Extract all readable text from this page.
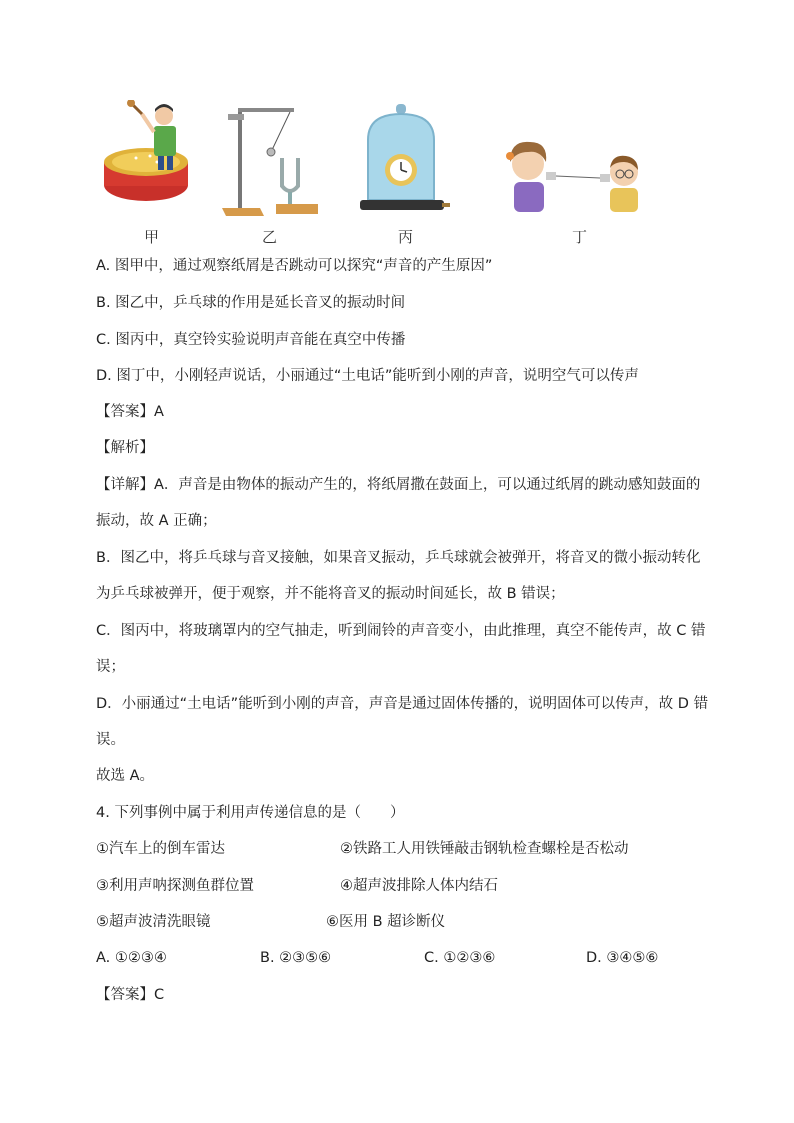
甲	乙	丙	丁
A. 图甲中，通过观察纸屑是否跳动可以探究“声音的产生原因”
B. 图乙中，乒乓球的作用是延长音叉的振动时间
C. 图丙中，真空铃实验说明声音能在真空中传播
D. 图丁中，小刚轻声说话，小丽通过“土电话”能听到小刚的声音，说明空气可以传声
【答案】A
【解析】
【详解】A．声音是由物体的振动产生的，将纸屑撒在鼓面上，可以通过纸屑的跳动感知鼓面的
振动，故 A 正确；
B．图乙中，将乒乓球与音叉接触，如果音叉振动，乒乓球就会被弹开，将音叉的微小振动转化
为乒乓球被弹开，便于观察，并不能将音叉的振动时间延长，故 B 错误；
C．图丙中，将玻璃罩内的空气抽走，听到闹铃的声音变小，由此推理，真空不能传声，故 C 错
误；
D．小丽通过“土电话”能听到小刚的声音，声音是通过固体传播的，说明固体可以传声，故 D 错
误。
故选 A。
4. 下列事例中属于利用声传递信息的是（　　）
①汽车上的倒车雷达	②铁路工人用铁锤敲击钢轨检查螺栓是否松动
③利用声呐探测鱼群位置	④超声波排除人体内结石
⑤超声波清洗眼镜	⑥医用 B 超诊断仪
A. ①②③④	B. ②③⑤⑥	C. ①②③⑥	D. ③④⑤⑥
【答案】C
